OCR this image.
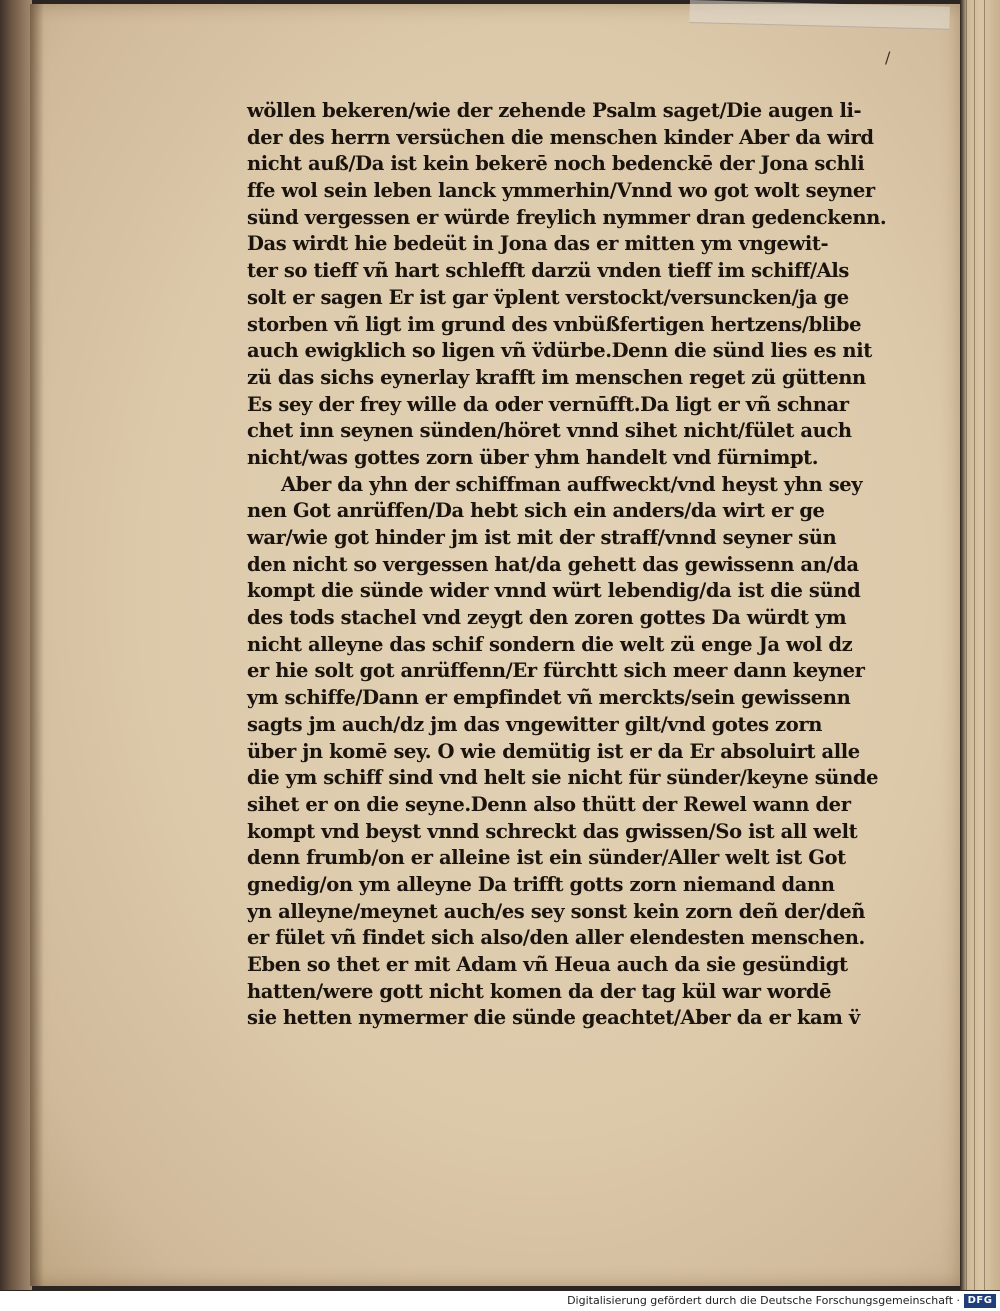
/
wöllen bekeren/wie der zehende Psalm saget/Die augen li-
der des herrn versüchen die menschen kinder Aber da wird
nicht auß/Da ist kein bekerē noch bedenckē der Jona schli
ffe wol sein leben lanck ymmerhin/Vnnd wo got wolt seyner
sünd vergessen er würde freylich nymmer dran gedenckenn.
Das wirdt hie bedeüt in Jona das er mitten ym vngewit-
ter so tieff vñ hart schlefft darzü vnden tieff im schiff/Als
solt er sagen Er ist gar v̈plent verstockt/versuncken/ja ge
storben vñ ligt im grund des vnbüßfertigen hertzens/blibe
auch ewigklich so ligen vñ v̈dürbe.Denn die sünd lies es nit
zü das sichs eynerlay krafft im menschen reget zü güttenn
Es sey der frey wille da oder vernūfft.Da ligt er vñ schnar
chet inn seynen sünden/höret vnnd sihet nicht/fület auch
nicht/was gottes zorn über yhm handelt vnd fürnimpt.
Aber da yhn der schiffman auffweckt/vnd heyst yhn sey
nen Got anrüffen/Da hebt sich ein anders/da wirt er ge
war/wie got hinder jm ist mit der straff/vnnd seyner sün
den nicht so vergessen hat/da gehett das gewissenn an/da
kompt die sünde wider vnnd würt lebendig/da ist die sünd
des tods stachel vnd zeygt den zoren gottes Da würdt ym
nicht alleyne das schif sondern die welt zü enge Ja wol dz
er hie solt got anrüffenn/Er fürchtt sich meer dann keyner
ym schiffe/Dann er empfindet vñ merckts/sein gewissenn
sagts jm auch/dz jm das vngewitter gilt/vnd gotes zorn
über jn komē sey. O wie demütig ist er da Er absoluirt alle
die ym schiff sind vnd helt sie nicht für sünder/keyne sünde
sihet er on die seyne.Denn also thütt der Rewel wann der
kompt vnd beyst vnnd schreckt das gwissen/So ist all welt
denn frumb/on er alleine ist ein sünder/Aller welt ist Got
gnedig/on ym alleyne Da trifft gotts zorn niemand dann
yn alleyne/meynet auch/es sey sonst kein zorn deñ der/deñ
er fület vñ findet sich also/den aller elendesten menschen.
Eben so thet er mit Adam vñ Heua auch da sie gesündigt
hatten/were gott nicht komen da der tag kül war wordē
sie hetten nymermer die sünde geachtet/Aber da er kam v̈
Digitalisierung gefördert durch die Deutsche Forschungsgemeinschaft · DFG
